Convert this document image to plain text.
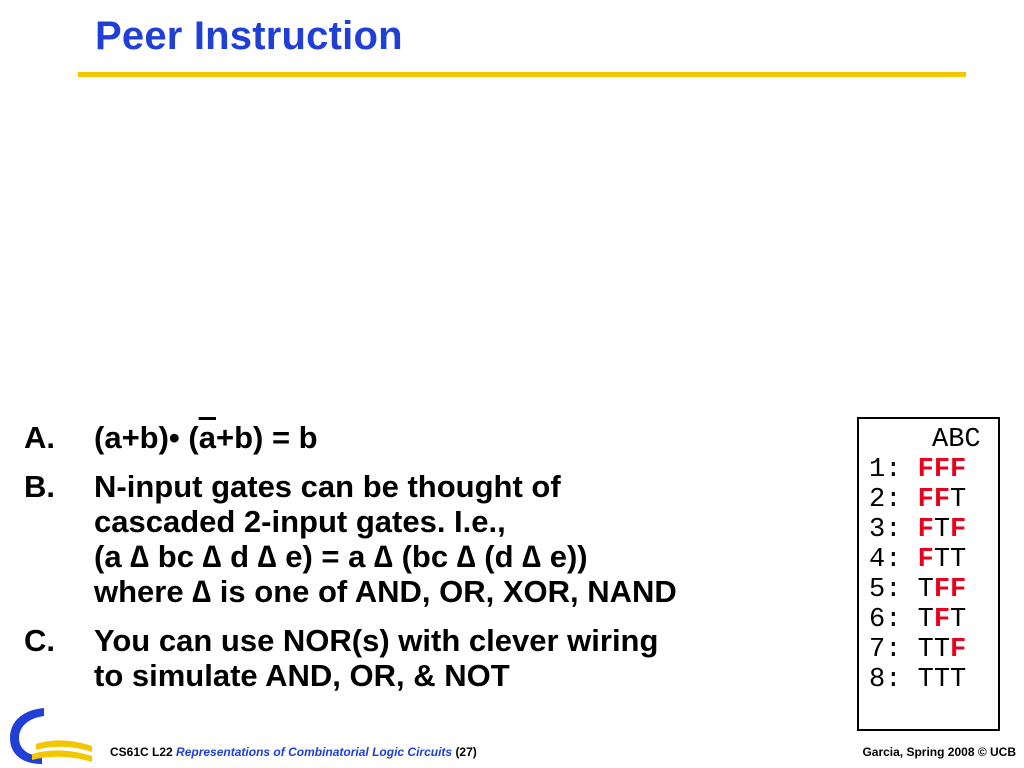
Peer Instruction
A.	(a+b)• $(\overline{a}+b) = b$
B.	N-input gates can be thought of
cascaded 2-input gates. I.e.,
(a ∆ bc ∆ d ∆ e) = a ∆ (bc ∆ (d ∆ e))
where ∆ is one of AND, OR, XOR, NAND
C.	You can use NOR(s) with clever wiring
to simulate AND, OR, & NOT
ABC
1: FFF
2: FFT
3: FTF
4: FTT
5: TFF
6: TFT
7: TTF
8: TTT
CS61C L22 Representations of Combinatorial Logic Circuits (27)	Garcia, Spring 2008 © UCB
